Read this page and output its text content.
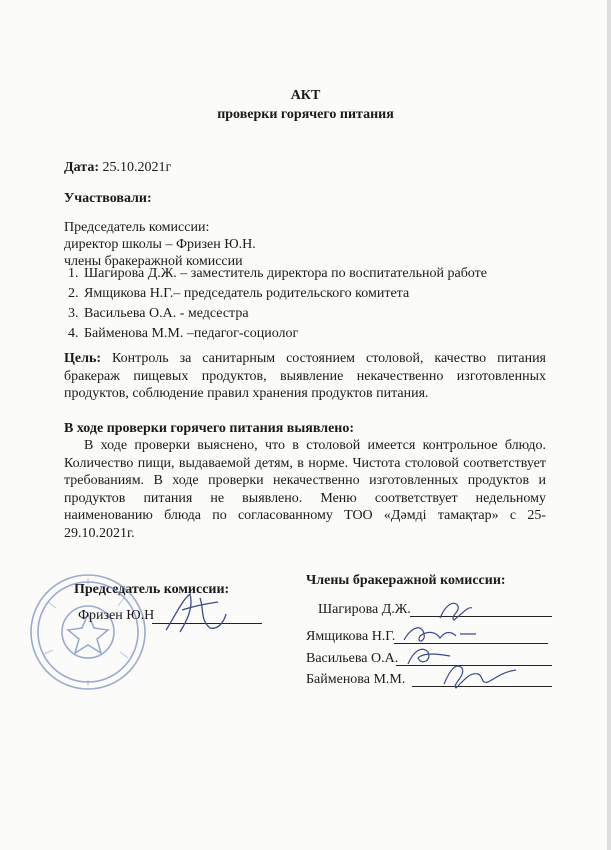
АКТ
проверки горячего питания
Дата: 25.10.2021г
Участвовали:
Председатель комиссии:
директор школы – Фризен Ю.Н.
члены бракеражной комиссии
1. Шагирова Д.Ж. – заместитель директора по воспитательной работе
2. Ямщикова Н.Г.– председатель родительского комитета
3. Васильева О.А. - медсестра
4. Байменова М.М. –педагог-социолог
Цель: Контроль за санитарным состоянием столовой, качество питания бракераж пищевых продуктов, выявление некачественно изготовленных продуктов, соблюдение правил хранения продуктов питания.
В ходе проверки горячего питания выявлено:
В ходе проверки выяснено, что в столовой имеется контрольное блюдо. Количество пищи, выдаваемой детям, в норме. Чистота столовой соответствует требованиям. В ходе проверки некачественно изготовленных продуктов и продуктов питания не выявлено. Меню соответствует недельному наименованию блюда по согласованному ТОО «Дәмді тамақтар» с 25-29.10.2021г.
Председатель комиссии:
Члены бракеражной комиссии:
Фризен Ю.Н	Шагирова Д.Ж.
Ямщикова Н.Г.
Васильева О.А.
Байменова М.М.
